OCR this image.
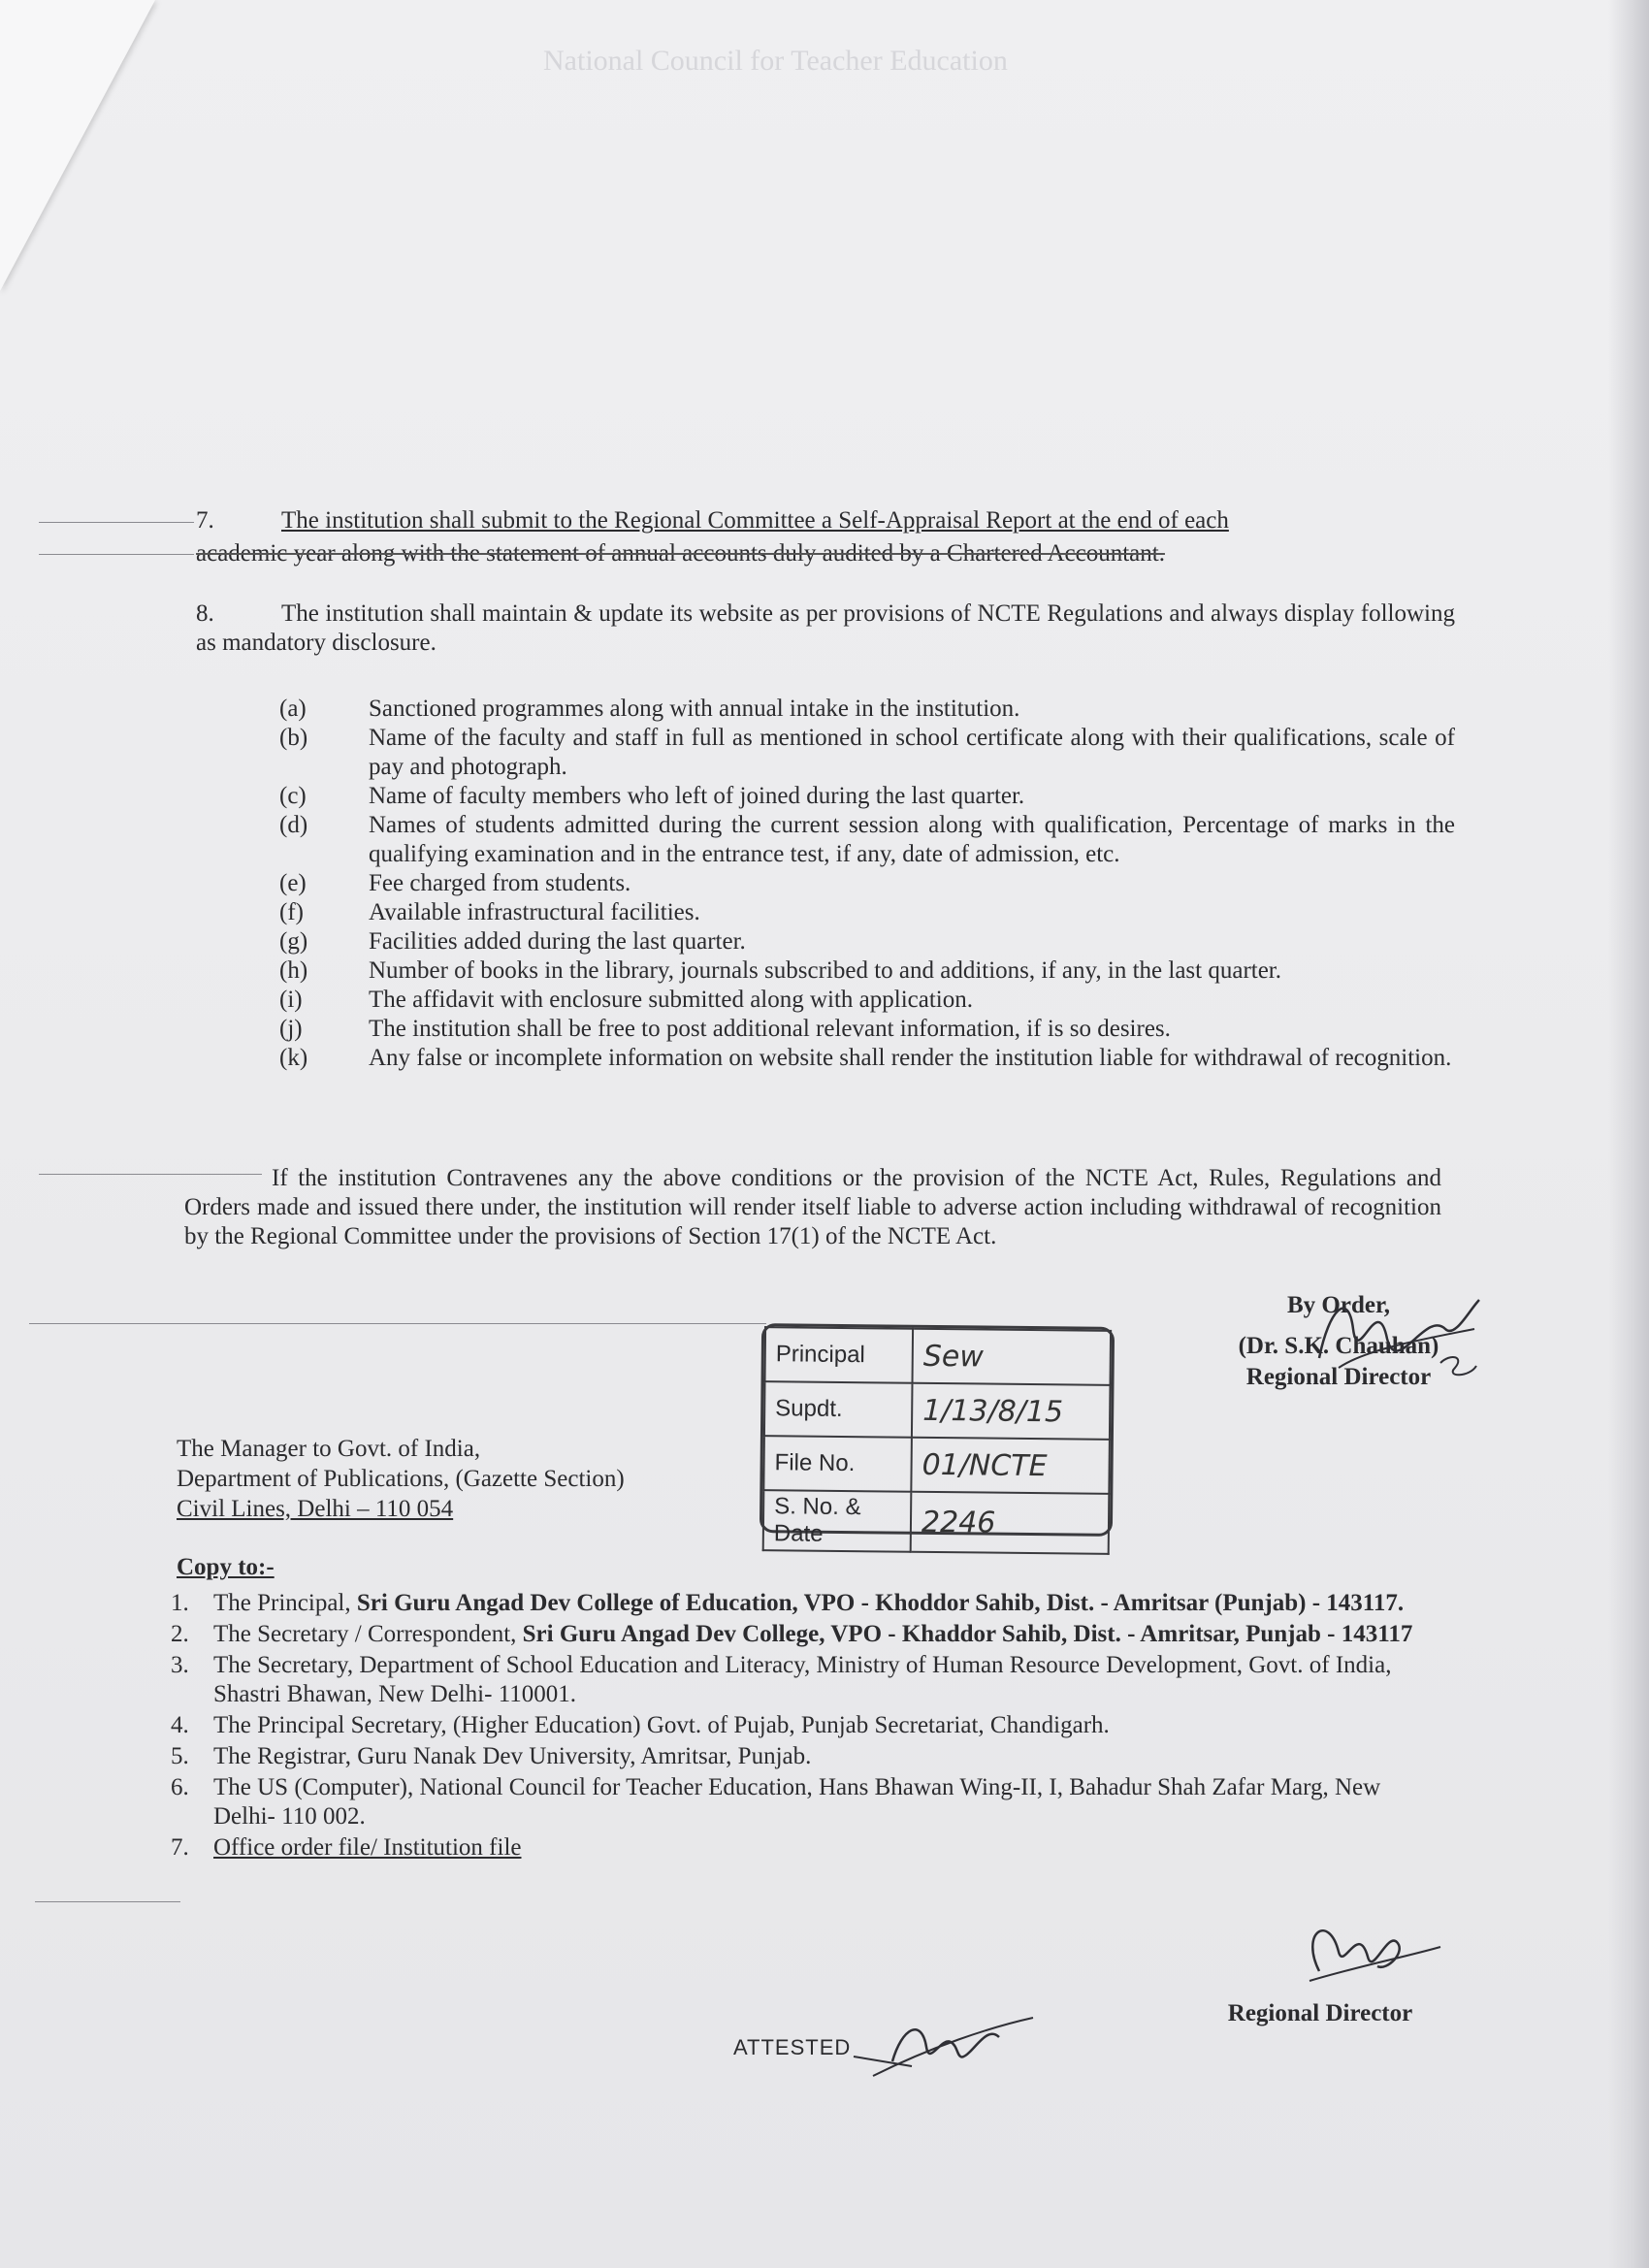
National Council for Teacher Education
7.	The institution shall submit to the Regional Committee a Self-Appraisal Report at the end of each
academic year along with the statement of annual accounts duly audited by a Chartered Accountant.
8.	The institution shall maintain & update its website as per provisions of NCTE Regulations and always display following as mandatory disclosure.
(a)	Sanctioned programmes along with annual intake in the institution.
(b)	Name of the faculty and staff in full as mentioned in school certificate along with their qualifications, scale of pay and photograph.
(c)	Name of faculty members who left of joined during the last quarter.
(d)	Names of students admitted during the current session along with qualification, Percentage of marks in the qualifying examination and in the entrance test, if any, date of admission, etc.
(e)	Fee charged from students.
(f)	Available infrastructural facilities.
(g)	Facilities added during the last quarter.
(h)	Number of books in the library, journals subscribed to and additions, if any, in the last quarter.
(i)	The affidavit with enclosure submitted along with application.
(j)	The institution shall be free to post additional relevant information, if is so desires.
(k)	Any false or incomplete information on website shall render the institution liable for withdrawal of recognition.
If the institution Contravenes any the above conditions or the provision of the NCTE Act, Rules, Regulations and Orders made and issued there under, the institution will render itself liable to adverse action including withdrawal of recognition by the Regional Committee under the provisions of Section 17(1) of the NCTE Act.
By Order,
(Dr. S.K. Chauhan)
Regional Director
The Manager to Govt. of India,
Department of Publications, (Gazette Section)
Civil Lines, Delhi – 110 054
Principal	Sew
Supdt.	1/13/8/15
File No.	01/NCTE
S. No. & Date	2246
Copy to:-
1.	The Principal, Sri Guru Angad Dev College of Education, VPO - Khoddor Sahib, Dist. - Amritsar (Punjab) - 143117.
2.	The Secretary / Correspondent, Sri Guru Angad Dev College, VPO - Khaddor Sahib, Dist. - Amritsar, Punjab - 143117
3.	The Secretary, Department of School Education and Literacy, Ministry of Human Resource Development, Govt. of India, Shastri Bhawan, New Delhi- 110001.
4.	The Principal Secretary, (Higher Education) Govt. of Pujab, Punjab Secretariat, Chandigarh.
5.	The Registrar, Guru Nanak Dev University, Amritsar, Punjab.
6.	The US (Computer), National Council for Teacher Education, Hans Bhawan Wing-II, I, Bahadur Shah Zafar Marg, New Delhi- 110 002.
7.	Office order file/ Institution file
Regional Director
ATTESTED
